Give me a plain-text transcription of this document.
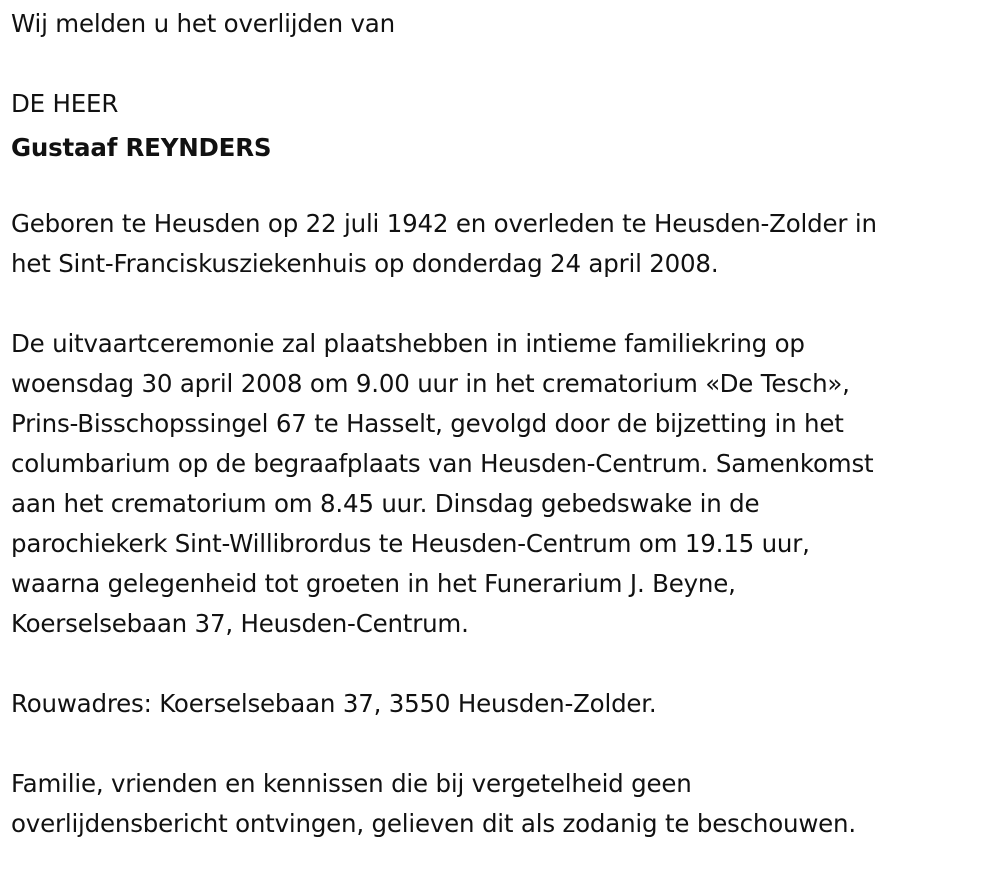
Wij melden u het overlijden van

DE HEER

Gustaaf REYNDERS

Geboren te Heusden op 22 juli 1942 en overleden te Heusden-Zolder in
het Sint-Franciskusziekenhuis op donderdag 24 april 2008.

De uitvaartceremonie zal plaatshebben in intieme familiekring op
woensdag 30 april 2008 om 9.00 uur in het crematorium «De Tesch»,
Prins-Bisschopssingel 67 te Hasselt, gevolgd door de bijzetting in het
columbarium op de begraafplaats van Heusden-Centrum. Samenkomst
aan het crematorium om 8.45 uur. Dinsdag gebedswake in de
parochiekerk Sint-Willibrordus te Heusden-Centrum om 19.15 uur,
waarna gelegenheid tot groeten in het Funerarium J. Beyne,
Koerselsebaan 37, Heusden-Centrum.

Rouwadres: Koerselsebaan 37, 3550 Heusden-Zolder.

Familie, vrienden en kennissen die bij vergetelheid geen
overlijdensbericht ontvingen, gelieven dit als zodanig te beschouwen.
